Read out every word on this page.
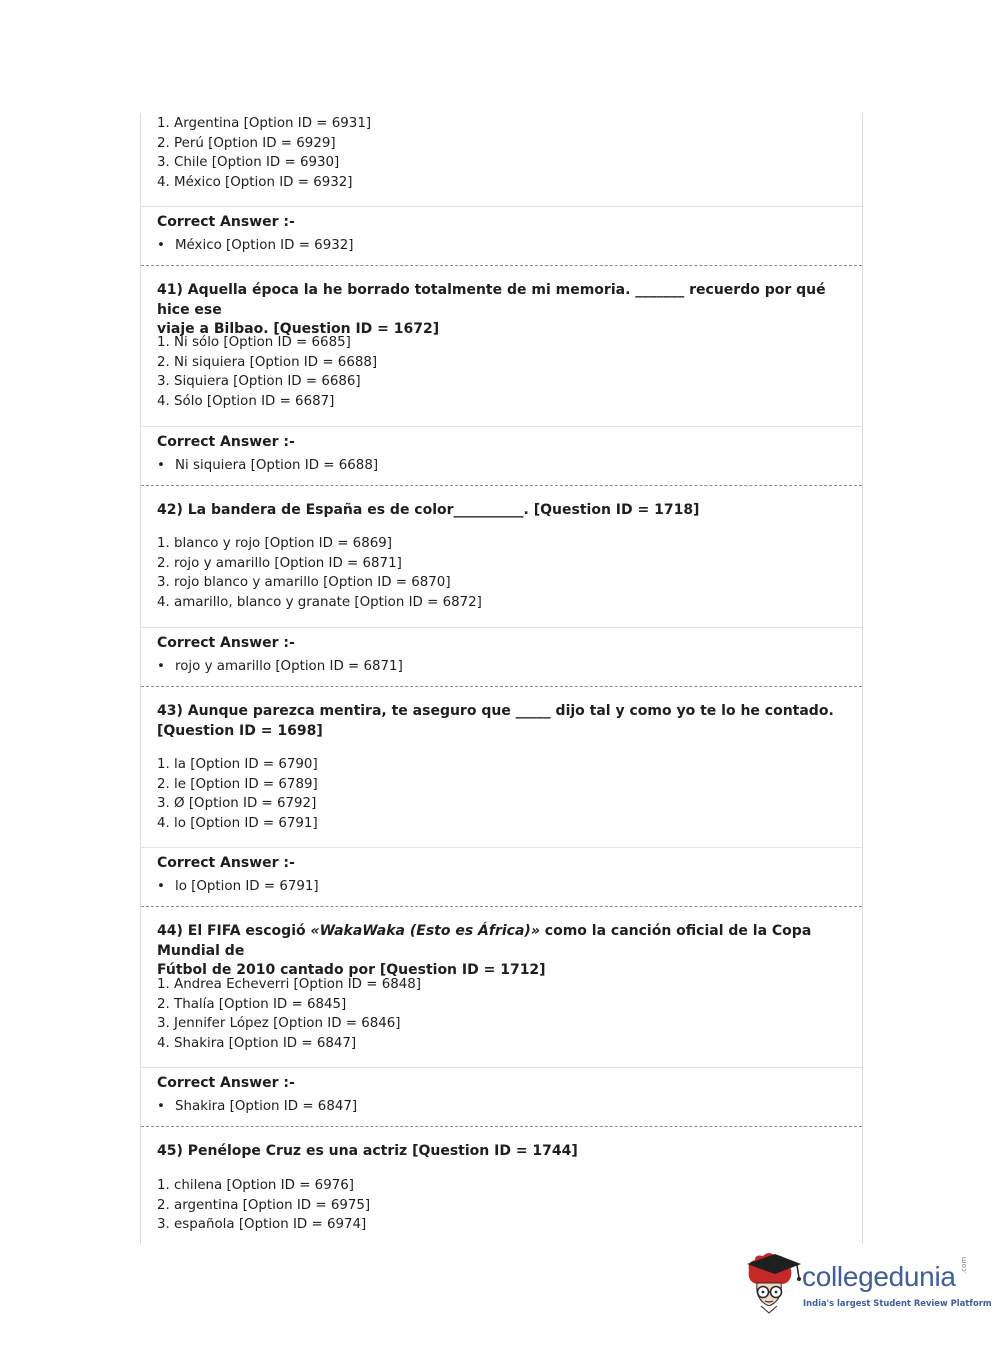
1. Argentina [Option ID = 6931]
2. Perú [Option ID = 6929]
3. Chile [Option ID = 6930]
4. México [Option ID = 6932]
Correct Answer :-
• México [Option ID = 6932]
41) Aquella época la he borrado totalmente de mi memoria. _______ recuerdo por qué hice ese
viaje a Bilbao. [Question ID = 1672]
1. Ni sólo [Option ID = 6685]
2. Ni siquiera [Option ID = 6688]
3. Siquiera [Option ID = 6686]
4. Sólo [Option ID = 6687]
Correct Answer :-
• Ni siquiera [Option ID = 6688]
42) La bandera de España es de color__________. [Question ID = 1718]
1. blanco y rojo [Option ID = 6869]
2. rojo y amarillo [Option ID = 6871]
3. rojo blanco y amarillo [Option ID = 6870]
4. amarillo, blanco y granate [Option ID = 6872]
Correct Answer :-
• rojo y amarillo [Option ID = 6871]
43) Aunque parezca mentira, te aseguro que _____ dijo tal y como yo te lo he contado.
[Question ID = 1698]
1. la [Option ID = 6790]
2. le [Option ID = 6789]
3. Ø [Option ID = 6792]
4. lo [Option ID = 6791]
Correct Answer :-
• lo [Option ID = 6791]
44) El FIFA escogió «WakaWaka (Esto es África)» como la canción oficial de la Copa Mundial de
Fútbol de 2010 cantado por [Question ID = 1712]
1. Andrea Echeverri [Option ID = 6848]
2. Thalía [Option ID = 6845]
3. Jennifer López [Option ID = 6846]
4. Shakira [Option ID = 6847]
Correct Answer :-
• Shakira [Option ID = 6847]
45) Penélope Cruz es una actriz [Question ID = 1744]
1. chilena [Option ID = 6976]
2. argentina [Option ID = 6975]
3. española [Option ID = 6974]
collegedunia .com
India's largest Student Review Platform
